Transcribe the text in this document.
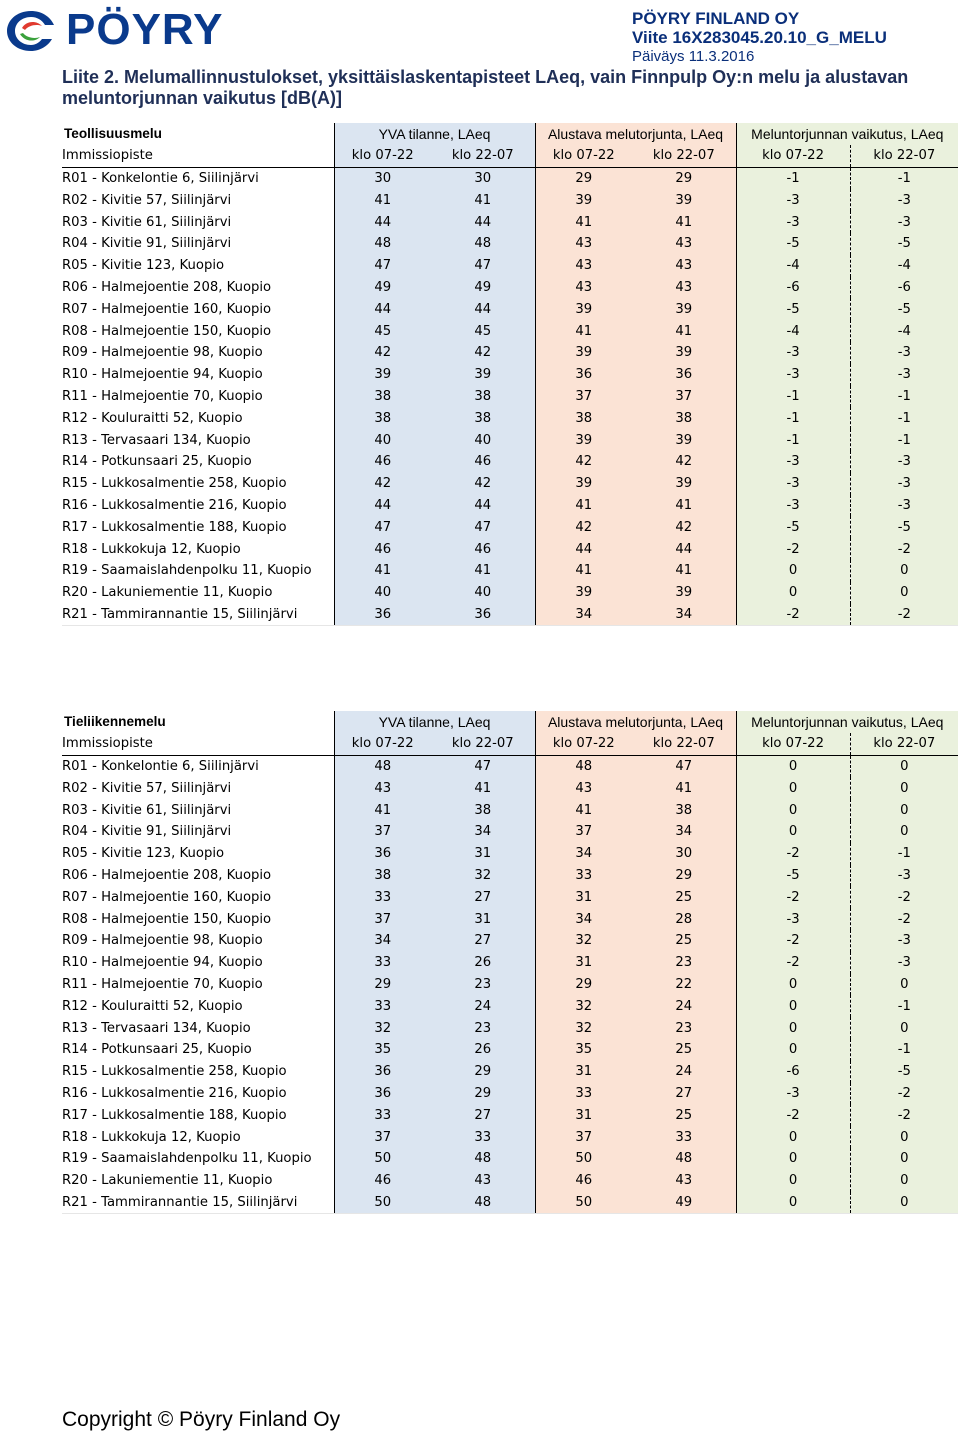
PÖYRY	PÖYRY FINLAND OY
Viite 16X283045.20.10_G_MELU
Päiväys 11.3.2016
Liite 2. Melumallinnustulokset, yksittäislaskentapisteet LAeq, vain Finnpulp Oy:n melu ja alustavan meluntorjunnan vaikutus [dB(A)]
Teollisuusmelu	YVA tilanne, LAeq		Alustava melutorjunta, LAeq		Meluntorjunnan vaikutus, LAeq	
Immissiopiste	klo 07-22	klo 22-07	klo 07-22	klo 22-07	klo 07-22	klo 22-07
R01 - Konkelontie 6, Siilinjärvi	30	30	29	29	-1	-1
R02 - Kivitie 57, Siilinjärvi	41	41	39	39	-3	-3
R03 - Kivitie 61, Siilinjärvi	44	44	41	41	-3	-3
R04 - Kivitie 91, Siilinjärvi	48	48	43	43	-5	-5
R05 - Kivitie 123, Kuopio	47	47	43	43	-4	-4
R06 - Halmejoentie 208, Kuopio	49	49	43	43	-6	-6
R07 - Halmejoentie 160, Kuopio	44	44	39	39	-5	-5
R08 - Halmejoentie 150, Kuopio	45	45	41	41	-4	-4
R09 - Halmejoentie 98, Kuopio	42	42	39	39	-3	-3
R10 - Halmejoentie 94, Kuopio	39	39	36	36	-3	-3
R11 - Halmejoentie 70, Kuopio	38	38	37	37	-1	-1
R12 - Kouluraitti 52, Kuopio	38	38	38	38	-1	-1
R13 - Tervasaari 134, Kuopio	40	40	39	39	-1	-1
R14 - Potkunsaari 25, Kuopio	46	46	42	42	-3	-3
R15 - Lukkosalmentie 258, Kuopio	42	42	39	39	-3	-3
R16 - Lukkosalmentie 216, Kuopio	44	44	41	41	-3	-3
R17 - Lukkosalmentie 188, Kuopio	47	47	42	42	-5	-5
R18 - Lukkokuja 12, Kuopio	46	46	44	44	-2	-2
R19 - Saamaislahdenpolku 11, Kuopio	41	41	41	41	0	0
R20 - Lakuniementie 11, Kuopio	40	40	39	39	0	0
R21 - Tammirannantie 15, Siilinjärvi	36	36	34	34	-2	-2
Tieliikennemelu	YVA tilanne, LAeq		Alustava melutorjunta, LAeq		Meluntorjunnan vaikutus, LAeq	
Immissiopiste	klo 07-22	klo 22-07	klo 07-22	klo 22-07	klo 07-22	klo 22-07
R01 - Konkelontie 6, Siilinjärvi	48	47	48	47	0	0
R02 - Kivitie 57, Siilinjärvi	43	41	43	41	0	0
R03 - Kivitie 61, Siilinjärvi	41	38	41	38	0	0
R04 - Kivitie 91, Siilinjärvi	37	34	37	34	0	0
R05 - Kivitie 123, Kuopio	36	31	34	30	-2	-1
R06 - Halmejoentie 208, Kuopio	38	32	33	29	-5	-3
R07 - Halmejoentie 160, Kuopio	33	27	31	25	-2	-2
R08 - Halmejoentie 150, Kuopio	37	31	34	28	-3	-2
R09 - Halmejoentie 98, Kuopio	34	27	32	25	-2	-3
R10 - Halmejoentie 94, Kuopio	33	26	31	23	-2	-3
R11 - Halmejoentie 70, Kuopio	29	23	29	22	0	0
R12 - Kouluraitti 52, Kuopio	33	24	32	24	0	-1
R13 - Tervasaari 134, Kuopio	32	23	32	23	0	0
R14 - Potkunsaari 25, Kuopio	35	26	35	25	0	-1
R15 - Lukkosalmentie 258, Kuopio	36	29	31	24	-6	-5
R16 - Lukkosalmentie 216, Kuopio	36	29	33	27	-3	-2
R17 - Lukkosalmentie 188, Kuopio	33	27	31	25	-2	-2
R18 - Lukkokuja 12, Kuopio	37	33	37	33	0	0
R19 - Saamaislahdenpolku 11, Kuopio	50	48	50	48	0	0
R20 - Lakuniementie 11, Kuopio	46	43	46	43	0	0
R21 - Tammirannantie 15, Siilinjärvi	50	48	50	49	0	0
Copyright © Pöyry Finland Oy
